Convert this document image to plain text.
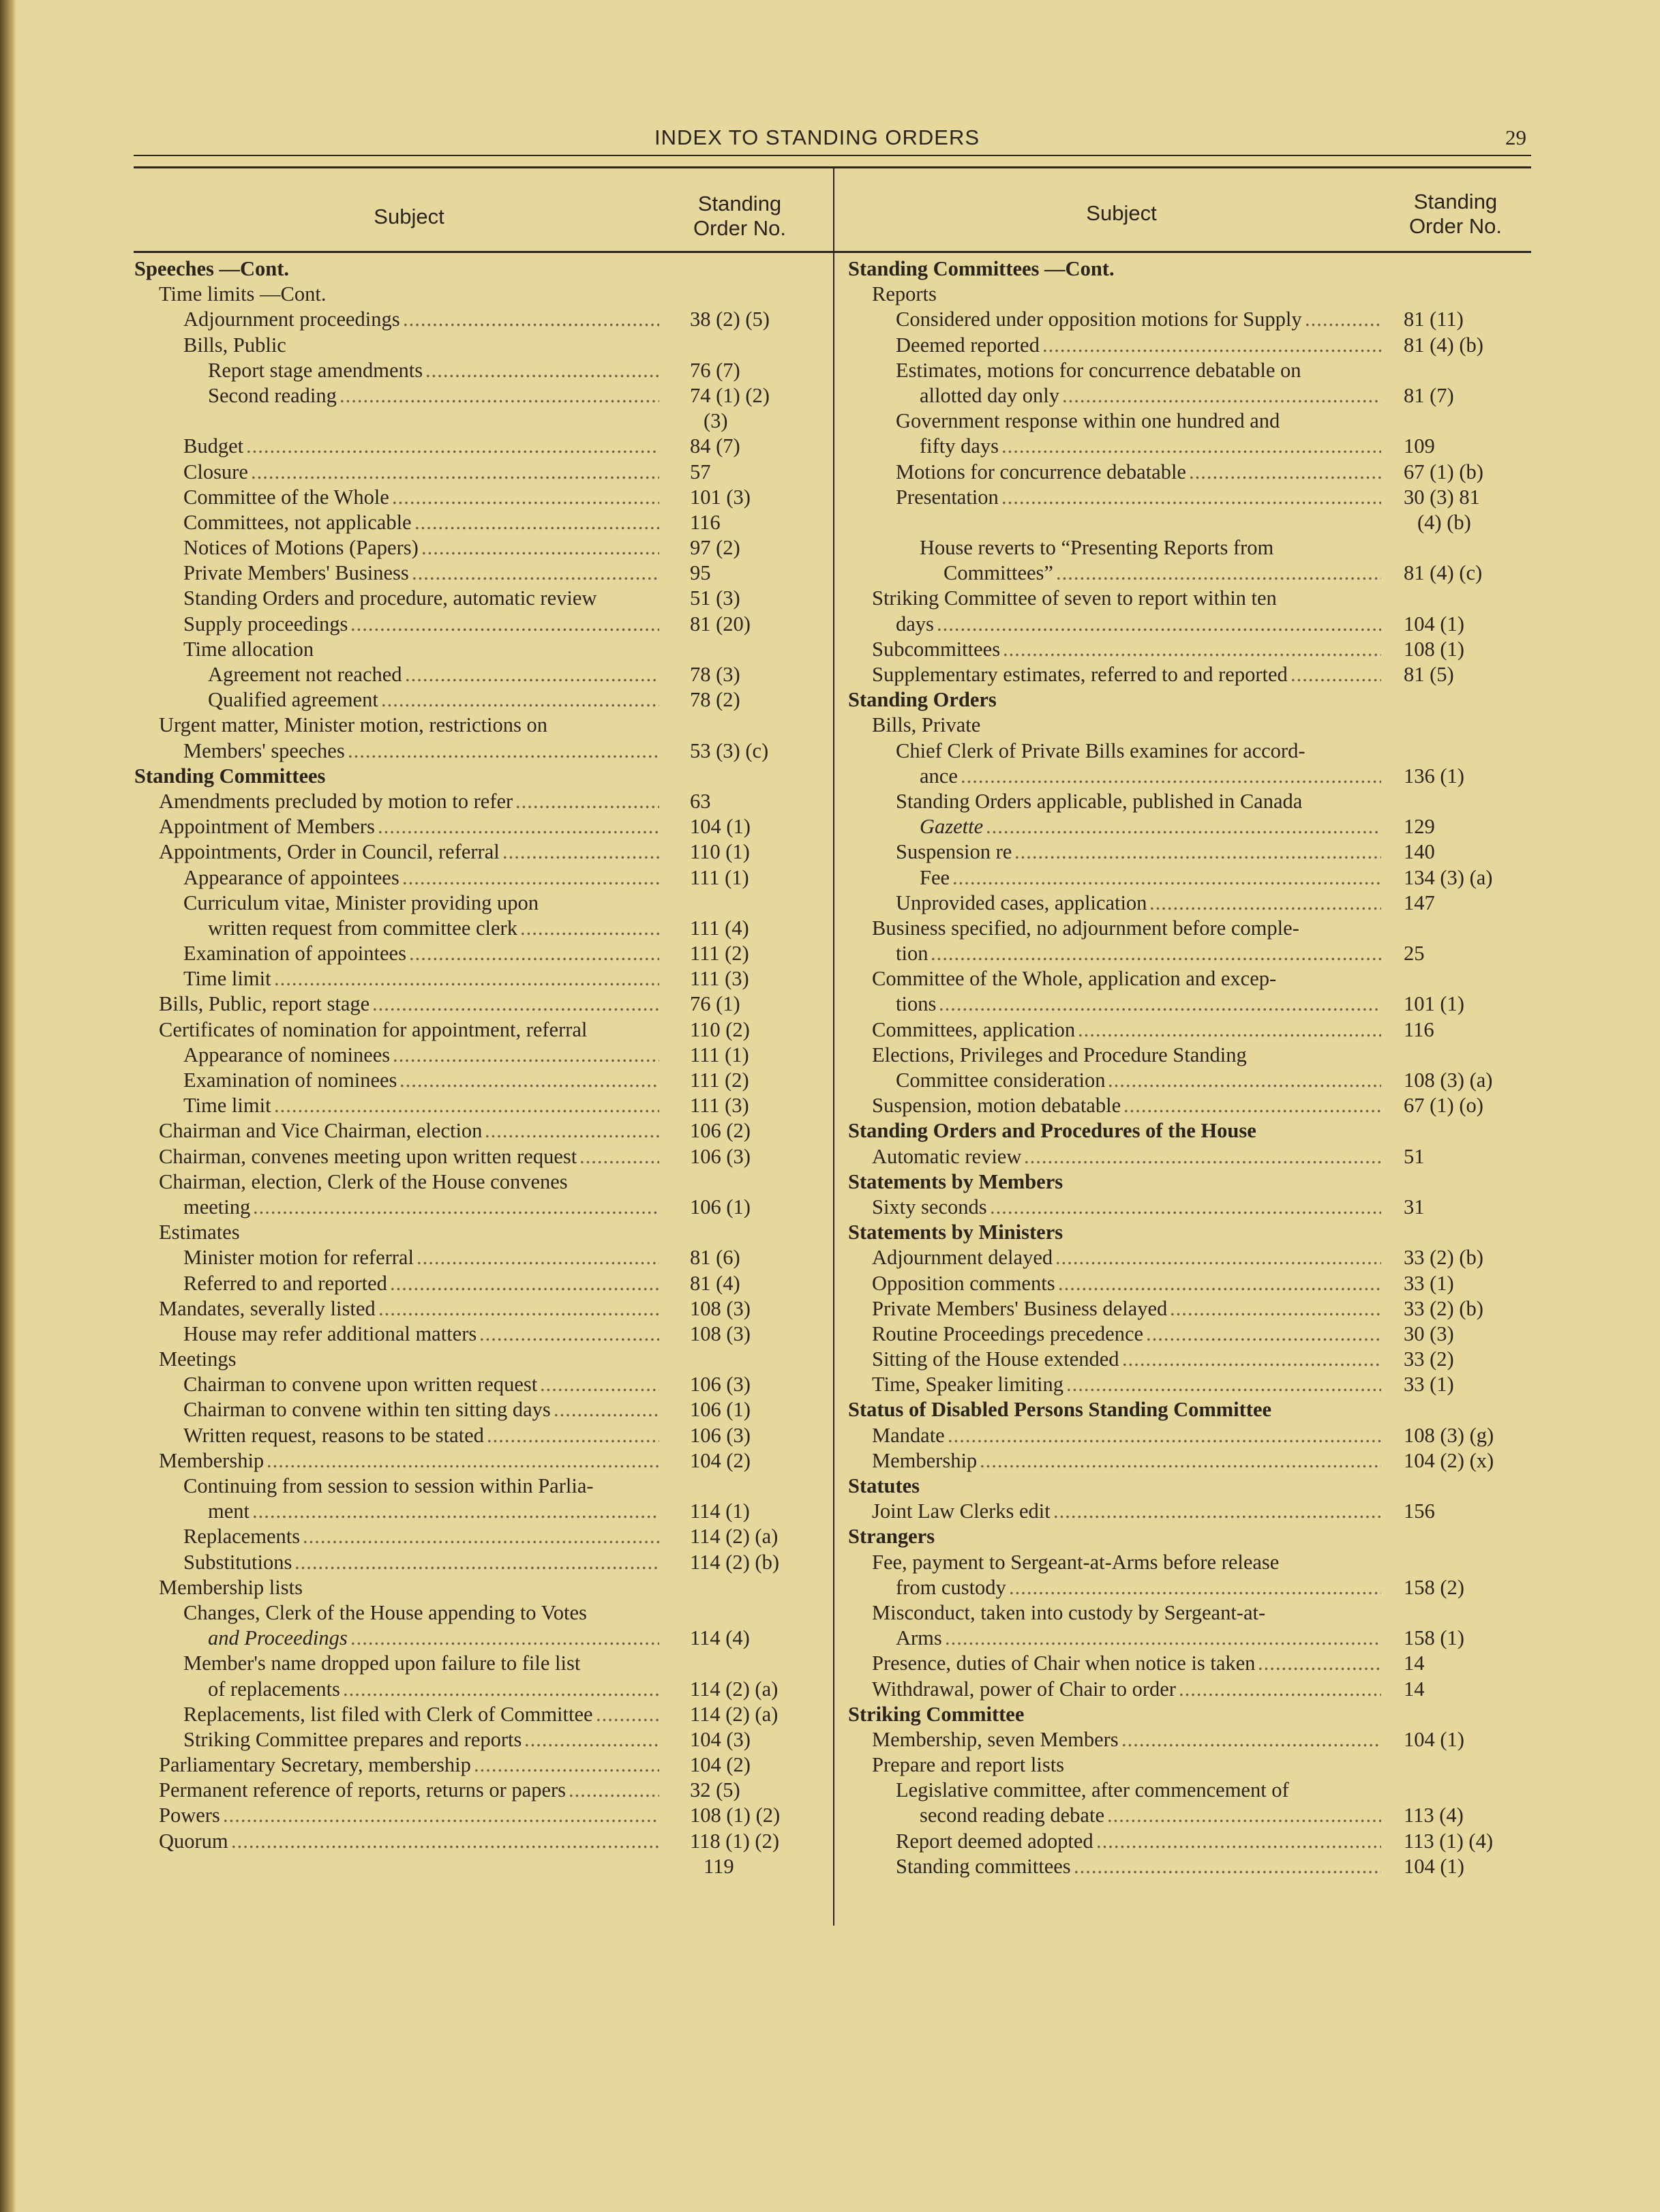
INDEX TO STANDING ORDERS	29
Subject
Standing
Order No.
Subject	Standing
Order No.
Speeches —Cont.
Time limits —Cont.
Adjournment proceedings .....	38 (2) (5)
Bills, Public
Report stage amendments .....	76 (7)
Second reading .....	74 (1) (2)
(3)
Budget .....	84 (7)
Closure .....	57
Committee of the Whole .....	101 (3)
Committees, not applicable .....	116
Notices of Motions (Papers) .....	97 (2)
Private Members' Business .....	95
Standing Orders and procedure, automatic review	51 (3)
Supply proceedings .....	81 (20)
Time allocation
Agreement not reached .....	78 (3)
Qualified agreement .....	78 (2)
Urgent matter, Minister motion, restrictions on
Members' speeches .....	53 (3) (c)
Standing Committees
Amendments precluded by motion to refer .....	63
Appointment of Members .....	104 (1)
Appointments, Order in Council, referral .....	110 (1)
Appearance of appointees .....	111 (1)
Curriculum vitae, Minister providing upon
written request from committee clerk .....	111 (4)
Examination of appointees .....	111 (2)
Time limit .....	111 (3)
Bills, Public, report stage .....	76 (1)
Certificates of nomination for appointment, referral	110 (2)
Appearance of nominees .....	111 (1)
Examination of nominees .....	111 (2)
Time limit .....	111 (3)
Chairman and Vice Chairman, election .....	106 (2)
Chairman, convenes meeting upon written request .....	106 (3)
Chairman, election, Clerk of the House convenes
meeting .....	106 (1)
Estimates
Minister motion for referral .....	81 (6)
Referred to and reported .....	81 (4)
Mandates, severally listed .....	108 (3)
House may refer additional matters .....	108 (3)
Meetings
Chairman to convene upon written request .....	106 (3)
Chairman to convene within ten sitting days .....	106 (1)
Written request, reasons to be stated .....	106 (3)
Membership .....	104 (2)
Continuing from session to session within Parlia-
ment .....	114 (1)
Replacements .....	114 (2) (a)
Substitutions .....	114 (2) (b)
Membership lists
Changes, Clerk of the House appending to Votes
and Proceedings .....	114 (4)
Member's name dropped upon failure to file list
of replacements .....	114 (2) (a)
Replacements, list filed with Clerk of Committee .....	114 (2) (a)
Striking Committee prepares and reports .....	104 (3)
Parliamentary Secretary, membership .....	104 (2)
Permanent reference of reports, returns or papers .....	32 (5)
Powers .....	108 (1) (2)
Quorum .....	118 (1) (2)
119
Standing Committees —Cont.
Reports
Considered under opposition motions for Supply .....	81 (11)
Deemed reported .....	81 (4) (b)
Estimates, motions for concurrence debatable on
allotted day only .....	81 (7)
Government response within one hundred and
fifty days .....	109
Motions for concurrence debatable .....	67 (1) (b)
Presentation .....	30 (3) 81
(4) (b)
House reverts to “Presenting Reports from
Committees” .....	81 (4) (c)
Striking Committee of seven to report within ten
days .....	104 (1)
Subcommittees .....	108 (1)
Supplementary estimates, referred to and reported .....	81 (5)
Standing Orders
Bills, Private
Chief Clerk of Private Bills examines for accord-
ance .....	136 (1)
Standing Orders applicable, published in Canada
Gazette .....	129
Suspension re .....	140
Fee .....	134 (3) (a)
Unprovided cases, application .....	147
Business specified, no adjournment before comple-
tion .....	25
Committee of the Whole, application and excep-
tions .....	101 (1)
Committees, application .....	116
Elections, Privileges and Procedure Standing
Committee consideration .....	108 (3) (a)
Suspension, motion debatable .....	67 (1) (o)
Standing Orders and Procedures of the House
Automatic review .....	51
Statements by Members
Sixty seconds .....	31
Statements by Ministers
Adjournment delayed .....	33 (2) (b)
Opposition comments .....	33 (1)
Private Members' Business delayed .....	33 (2) (b)
Routine Proceedings precedence .....	30 (3)
Sitting of the House extended .....	33 (2)
Time, Speaker limiting .....	33 (1)
Status of Disabled Persons Standing Committee
Mandate .....	108 (3) (g)
Membership .....	104 (2) (x)
Statutes
Joint Law Clerks edit .....	156
Strangers
Fee, payment to Sergeant-at-Arms before release
from custody .....	158 (2)
Misconduct, taken into custody by Sergeant-at-
Arms .....	158 (1)
Presence, duties of Chair when notice is taken .....	14
Withdrawal, power of Chair to order .....	14
Striking Committee
Membership, seven Members .....	104 (1)
Prepare and report lists
Legislative committee, after commencement of
second reading debate .....	113 (4)
Report deemed adopted .....	113 (1) (4)
Standing committees .....	104 (1)
